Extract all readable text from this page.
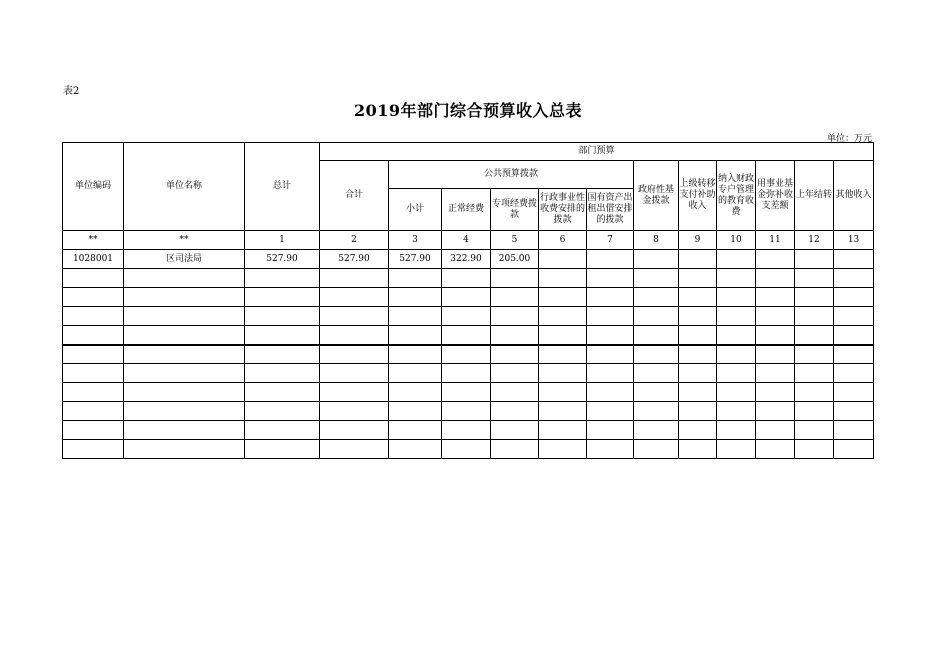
表2
2019年部门综合预算收入总表
单位：万元
单位编码	单位名称	总计	部门预算											
			合计	公共预算拨款					政府性基金拨款	上级转移支付补助收入	纳入财政专户管理的教育收费	用事业基金弥补收支差额	上年结转	其他收入
				小计	正常经费	专项经费拨款	行政事业性收费安排的拨款	国有资产出租出借安排的拨款						
**	**	1	2	3	4	5	6	7	8	9	10	11	12	13
1028001	区司法局	527.90	527.90	527.90	322.90	205.00								
